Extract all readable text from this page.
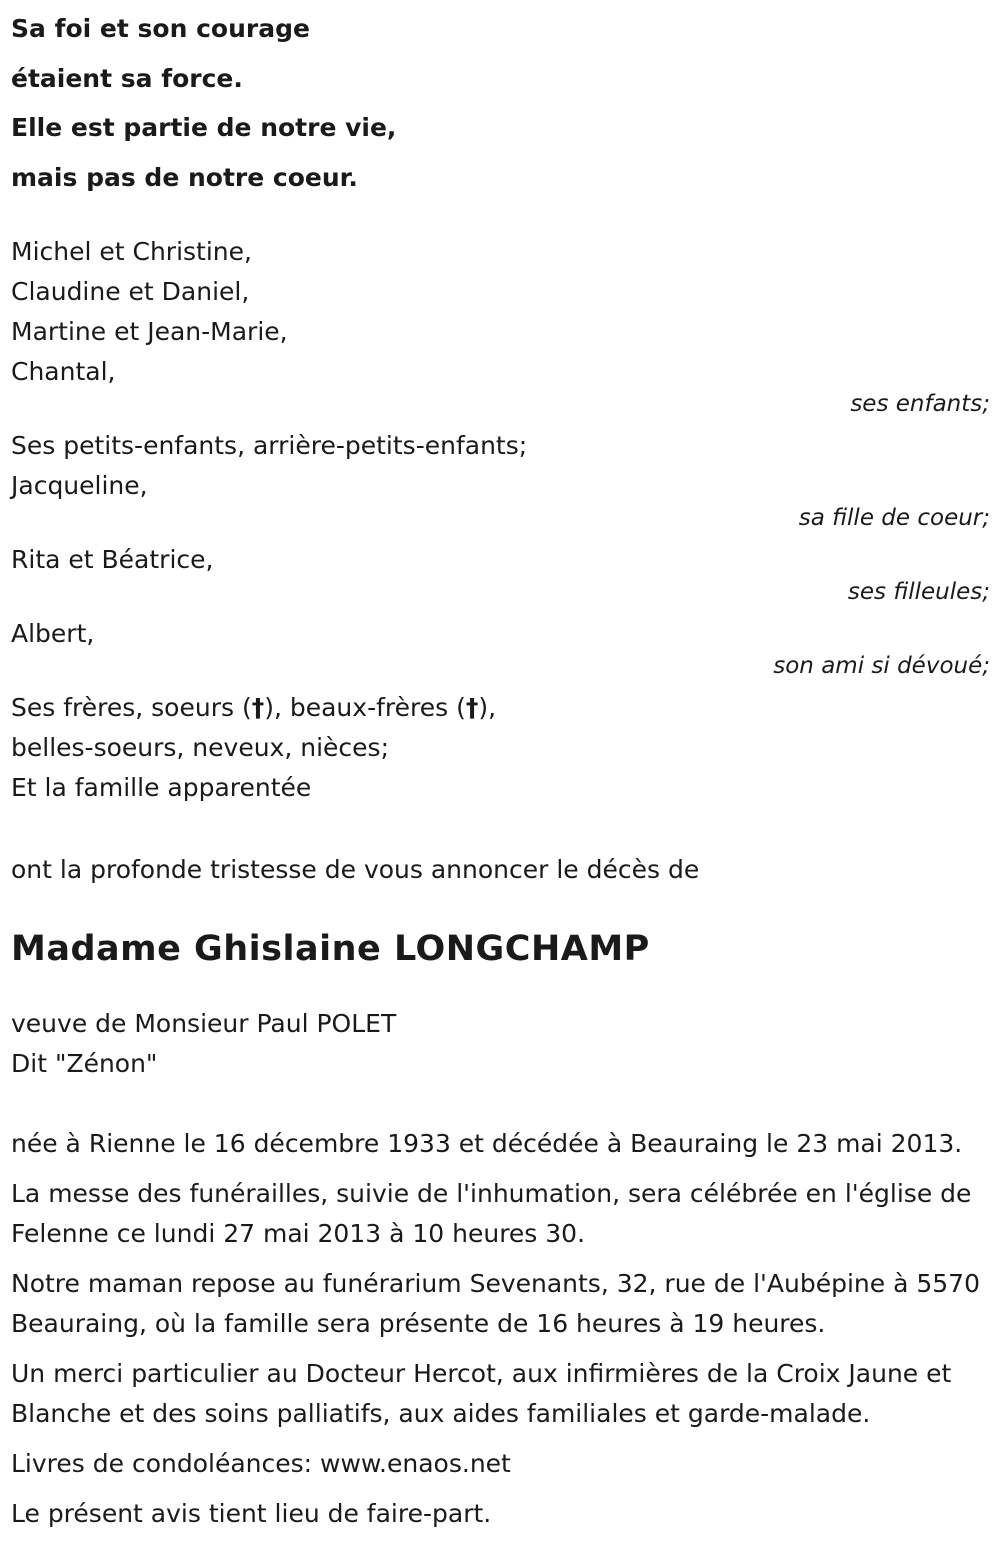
Sa foi et son courage

étaient sa force.

Elle est partie de notre vie,

mais pas de notre coeur.

Michel et Christine,

Claudine et Daniel,

Martine et Jean-Marie,

Chantal,

ses enfants;

Ses petits-enfants, arrière-petits-enfants;

Jacqueline,

sa fille de coeur;

Rita et Béatrice,

ses filleules;

Albert,

son ami si dévoué;

Ses frères, soeurs (†), beaux-frères (†),

belles-soeurs, neveux, nièces;

Et la famille apparentée

ont la profonde tristesse de vous annoncer le décès de

Madame Ghislaine LONGCHAMP

veuve de Monsieur Paul POLET

Dit "Zénon"

née à Rienne le 16 décembre 1933 et décédée à Beauraing le 23 mai 2013.

La messe des funérailles, suivie de l'inhumation, sera célébrée en l'église de Felenne ce lundi 27 mai 2013 à 10 heures 30.

Notre maman repose au funérarium Sevenants, 32, rue de l'Aubépine à 5570 Beauraing, où la famille sera présente de 16 heures à 19 heures.

Un merci particulier au Docteur Hercot, aux infirmières de la Croix Jaune et Blanche et des soins palliatifs, aux aides familiales et garde-malade.

Livres de condoléances: www.enaos.net

Le présent avis tient lieu de faire-part.
